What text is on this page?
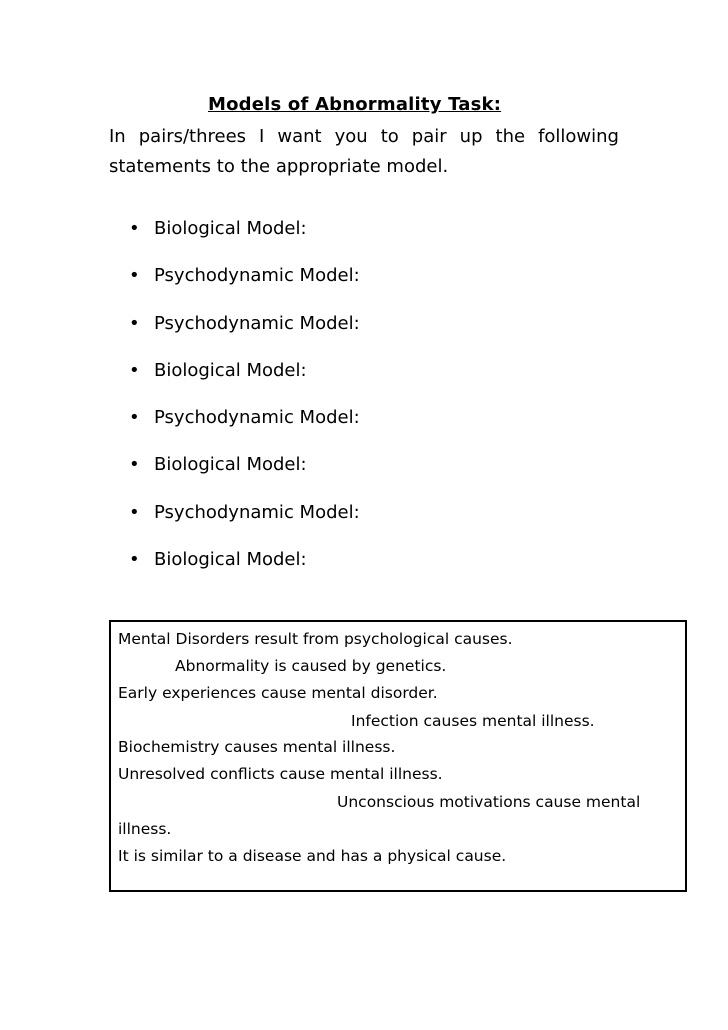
Models of Abnormality Task:
In pairs/threes I want you to pair up the following statements to the appropriate model.
• Biological Model:
• Psychodynamic Model:
• Psychodynamic Model:
• Biological Model:
• Psychodynamic Model:
• Biological Model:
• Psychodynamic Model:
• Biological Model:
Mental Disorders result from psychological causes.
Abnormality is caused by genetics.
Early experiences cause mental disorder.
Infection causes mental illness.
Biochemistry causes mental illness.
Unresolved conflicts cause mental illness.
Unconscious motivations cause mental
illness.
It is similar to a disease and has a physical cause.
